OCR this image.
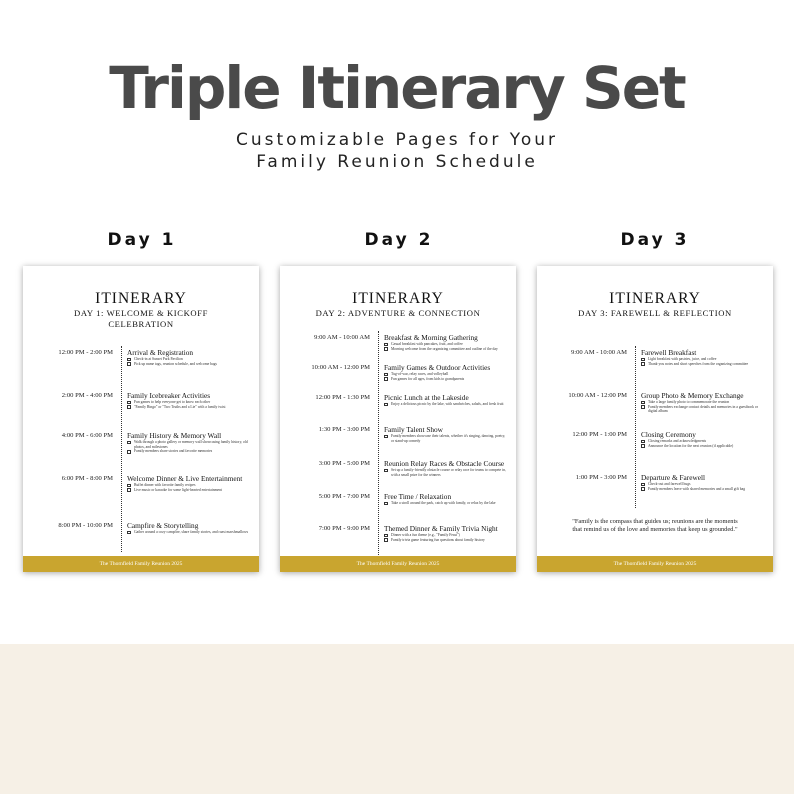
Triple Itinerary Set
Customizable Pages for Your
Family Reunion Schedule
Day 1	Day 2	Day 3
ITINERARY
DAY 1: WELCOME & KICKOFF CELEBRATION
12:00 PM - 2:00 PM	Arrival & Registration
Check-in at Sunset Park Pavilion
Pick up name tags, reunion schedule, and welcome bags
2:00 PM - 4:00 PM	Family Icebreaker Activities
Fun games to help everyone get to know each other
"Family Bingo" or "Two Truths and a Lie" with a family twist
4:00 PM - 6:00 PM	Family History & Memory Wall
Walk through a photo gallery or memory wall showcasing family history, old photos, and milestones
Family members share stories and favorite memories
6:00 PM - 8:00 PM	Welcome Dinner & Live Entertainment
Buffet dinner with favorite family recipes
Live music or karaoke for some light-hearted entertainment
8:00 PM - 10:00 PM	Campfire & Storytelling
Gather around a cozy campfire, share family stories, and roast marshmallows
The Thornfield Family Reunion 2025
ITINERARY
DAY 2: ADVENTURE & CONNECTION
9:00 AM - 10:00 AM	Breakfast & Morning Gathering
Casual breakfast with pancakes, fruit, and coffee
Morning welcome from the organizing committee and outline of the day
10:00 AM - 12:00 PM	Family Games & Outdoor Activities
Tug-of-war, relay races, and volleyball
Fun games for all ages, from kids to grandparents
12:00 PM - 1:30 PM	Picnic Lunch at the Lakeside
Enjoy a delicious picnic by the lake, with sandwiches, salads, and fresh fruit
1:30 PM - 3:00 PM	Family Talent Show
Family members showcase their talents, whether it's singing, dancing, poetry, or stand-up comedy
3:00 PM - 5:00 PM	Reunion Relay Races & Obstacle Course
Set up a family-friendly obstacle course or relay race for teams to compete in, with a small prize for the winners
5:00 PM - 7:00 PM	Free Time / Relaxation
Take a stroll around the park, catch up with family, or relax by the lake
7:00 PM - 9:00 PM	Themed Dinner & Family Trivia Night
Dinner with a fun theme (e.g., "Family Feast")
Family trivia game featuring fun questions about family history
The Thornfield Family Reunion 2025
ITINERARY
DAY 3: FAREWELL & REFLECTION
9:00 AM - 10:00 AM	Farewell Breakfast
Light breakfast with pastries, juice, and coffee
Thank-you notes and short speeches from the organizing committee
10:00 AM - 12:00 PM	Group Photo & Memory Exchange
Take a large family photo to commemorate the reunion
Family members exchange contact details and memories in a guestbook or digital album
12:00 PM - 1:00 PM	Closing Ceremony
Closing remarks and acknowledgments
Announce the location for the next reunion (if applicable)
1:00 PM - 3:00 PM	Departure & Farewell
Check-out and farewell hugs
Family members leave with shared memories and a small gift bag
"Family is the compass that guides us; reunions are the moments that remind us of the love and memories that keep us grounded."
The Thornfield Family Reunion 2025
